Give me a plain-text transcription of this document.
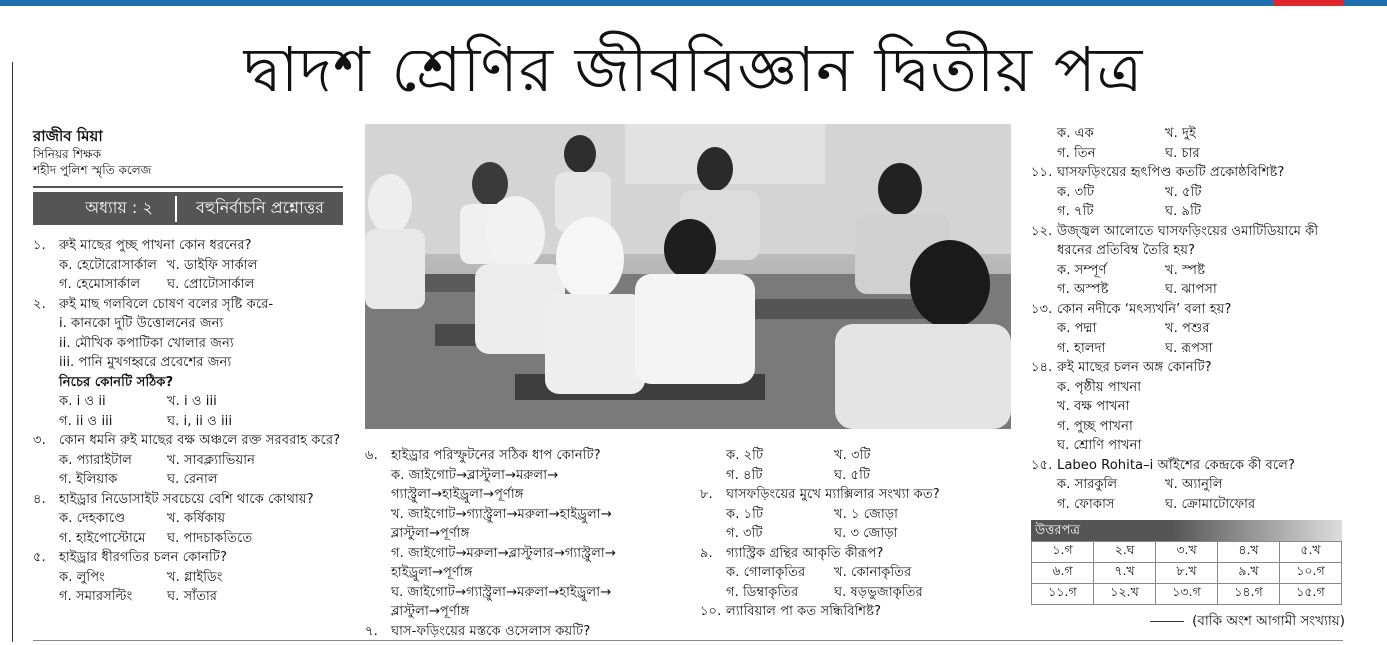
দ্বাদশ শ্রেণির জীববিজ্ঞান দ্বিতীয় পত্র
রাজীব মিয়া
সিনিয়র শিক্ষক
শহীদ পুলিশ স্মৃতি কলেজ
অধ্যায় : ২	বহুনির্বাচনি প্রশ্নোত্তর
১.	রুই মাছের পুচ্ছ পাখনা কোন ধরনের?
ক. হেটোরোসার্কাল খ. ডাইফি সার্কাল
গ. হেমোসার্কাল	ঘ. প্রোটোসার্কাল
২.	রুই মাছ গলবিলে চোষণ বলের সৃষ্টি করে-
i. কানকো দুটি উত্তোলনের জন্য
ii. মৌখিক কপাটিকা খোলার জন্য
iii. পানি মুখগহ্বরে প্রবেশের জন্য
নিচের কোনটি সঠিক?
ক. i ও ii	খ. i ও iii
গ. ii ও iii	ঘ. i, ii ও iii
৩.	কোন ধমনি রুই মাছের বক্ষ অঞ্চলে রক্ত সরবরাহ করে?
ক. প্যারাইটাল	খ. সাবক্ল্যাভিয়ান
গ. ইলিয়াক	ঘ. রেনাল
৪.	হাইড্রার নিডোসাইট সবচেয়ে বেশি থাকে কোথায়?
ক. দেহকাণ্ডে	খ. কর্ষিকায়
গ. হাইপোস্টোমে	ঘ. পাদচাকতিতে
৫.	হাইড্রার ধীরগতির চলন কোনটি?
ক. লুপিং	খ. গ্লাইডিং
গ. সমারসল্টিং	ঘ. সাঁতার
৬.	হাইড্রার পরিস্ফুটনের সঠিক ধাপ কোনটি?
ক. জাইগোট→ব্লাস্টুলা→মরুলা→
গ্যাস্ট্রুলা→হাইড্রুলা→পূর্ণাঙ্গ
খ. জাইগোট→গ্যাস্ট্রুলা→মরুলা→হাইড্রুলা→
ব্লাস্টুলা→পূর্ণাঙ্গ
গ. জাইগোট→মরুলা→ব্লাস্টুলার→গ্যাস্ট্রুলা→
হাইড্রুলা→পূর্ণাঙ্গ
ঘ. জাইগোট→গ্যাস্ট্রুলা→মরুলা→হাইড্রুলা→
ব্লাস্টুলা→পূর্ণাঙ্গ
৭.	ঘাস-ফড়িংয়ের মস্তকে ওসেলাস কয়টি?
ক. ২টি	খ. ৩টি
গ. ৪টি	ঘ. ৫টি
৮.	ঘাসফড়িংয়ের মুখে ম্যাক্সিলার সংখ্যা কত?
ক. ১টি	খ. ১ জোড়া
গ. ৩টি	ঘ. ৩ জোড়া
৯.	গ্যাস্ট্রিক গ্রন্থির আকৃতি কীরূপ?
ক. গোলাকৃতির	খ. কোনাকৃতির
গ. ডিম্বাকৃতির	ঘ. ষড়ভুজাকৃতির
১০. ল্যাবিয়াল পা কত সন্ধিবিশিষ্ট?
ক. এক	খ. দুই
গ. তিন	ঘ. চার
১১. ঘাসফড়িংয়ের হৃৎপিণ্ড কতটি প্রকোষ্ঠবিশিষ্ট?
ক. ৩টি	খ. ৫টি
গ. ৭টি	ঘ. ৯টি
১২. উজ্জ্বল আলোতে ঘাসফড়িংয়ের ওমাটিডিয়ামে কী ধরনের প্রতিবিম্ব তৈরি হয়?
ক. সম্পূর্ণ	খ. স্পষ্ট
গ. অস্পষ্ট	ঘ. ঝাপসা
১৩. কোন নদীকে ‘মৎস্যখনি’ বলা হয়?
ক. পদ্মা	খ. পশুর
গ. হালদা	ঘ. রূপসা
১৪. রুই মাছের চলন অঙ্গ কোনটি?
ক. পৃষ্ঠীয় পাখনা
খ. বক্ষ পাখনা
গ. পুচ্ছ পাখনা
ঘ. শ্রোণি পাখনা
১৫. Labeo Rohita–i আঁইশের কেন্দ্রকে কী বলে?
ক. সারকুলি	খ. অ্যানুলি
গ. ফোকাস	ঘ. ক্রোমাটোফোর
উত্তরপত্র
১.গ	২.ঘ	৩.খ	৪.খ	৫.খ
৬.গ	৭.খ	৮.খ	৯.খ	১০.গ
১১.গ	১২.খ	১৩.গ	১৪.গ	১৫.গ
(বাকি অংশ আগামী সংখ্যায়)
